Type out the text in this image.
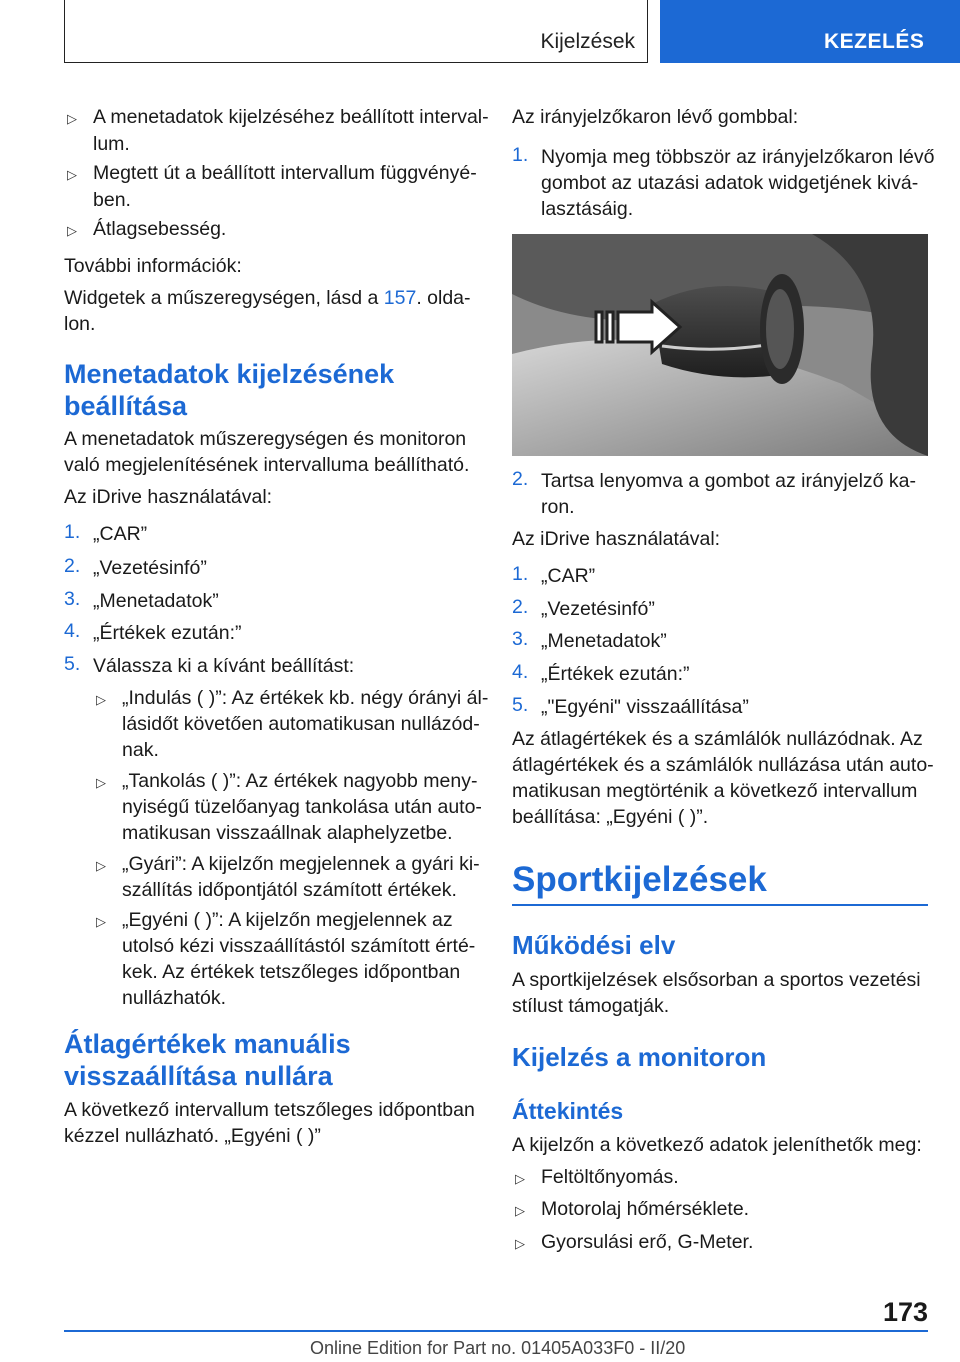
Kijelzések	KEZELÉS
▷ A menetadatok kijelzéséhez beállított interval-
lum.
▷ Megtett út a beállított intervallum függvényé-
ben.
▷ Átlagsebesség.
További információk:
Widgetek a műszeregységen, lásd a 157. olda-
lon.
Menetadatok kijelzésének
beállítása
A menetadatok műszeregységen és monitoron
való megjelenítésének intervalluma beállítható.
Az iDrive használatával:
1. „CAR”
2. „Vezetésinfó”
3. „Menetadatok”
4. „Értékek ezután:”
5. Válassza ki a kívánt beállítást:
▷ „Indulás ( )”: Az értékek kb. négy órányi ál-
lásidőt követően automatikusan nullázód-
nak.
▷ „Tankolás ( )”: Az értékek nagyobb meny-
nyiségű tüzelőanyag tankolása után auto-
matikusan visszaállnak alaphelyzetbe.
▷ „Gyári”: A kijelzőn megjelennek a gyári ki-
szállítás időpontjától számított értékek.
▷ „Egyéni ( )”: A kijelzőn megjelennek az
utolsó kézi visszaállítástól számított érté-
kek. Az értékek tetszőleges időpontban
nullázhatók.
Átlagértékek manuális
visszaállítása nullára
A következő intervallum tetszőleges időpontban
kézzel nullázható. „Egyéni ( )”
Az irányjelzőkaron lévő gombbal:
1. Nyomja meg többször az irányjelzőkaron lévő
gombot az utazási adatok widgetjének kivá-
lasztásáig.
2. Tartsa lenyomva a gombot az irányjelző ka-
ron.
Az iDrive használatával:
1. „CAR”
2. „Vezetésinfó”
3. „Menetadatok”
4. „Értékek ezután:”
5. „"Egyéni" visszaállítása”
Az átlagértékek és a számlálók nullázódnak. Az
átlagértékek és a számlálók nullázása után auto-
matikusan megtörténik a következő intervallum
beállítása: „Egyéni ( )”.
Sportkijelzések
Működési elv
A sportkijelzések elsősorban a sportos vezetési
stílust támogatják.
Kijelzés a monitoron
Áttekintés
A kijelzőn a következő adatok jeleníthetők meg:
▷ Feltöltőnyomás.
▷ Motorolaj hőmérséklete.
▷ Gyorsulási erő, G-Meter.
173
Online Edition for Part no. 01405A033F0 - II/20
